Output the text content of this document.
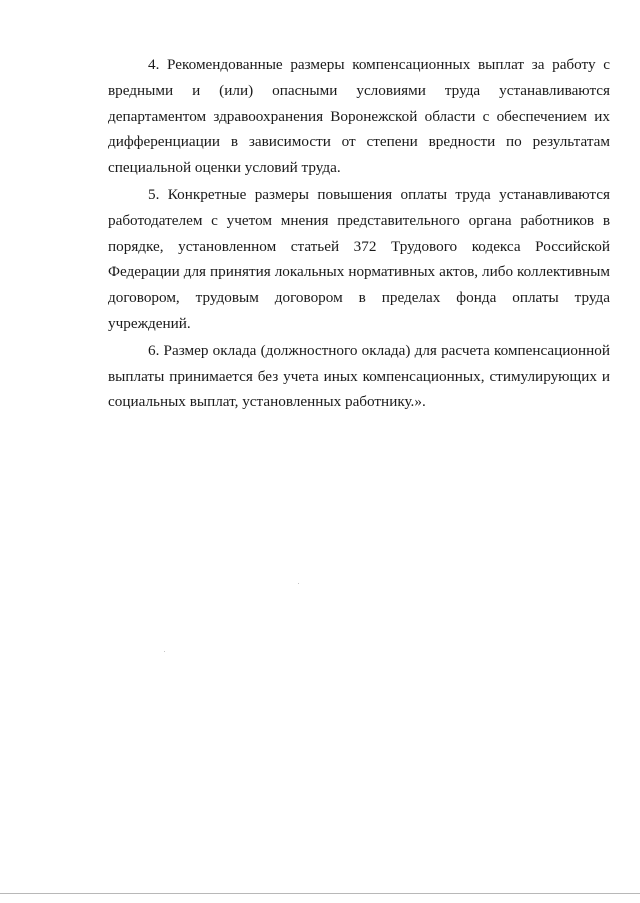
4. Рекомендованные размеры компенсационных выплат за работу с вредными и (или) опасными условиями труда устанавливаются департаментом здравоохранения Воронежской области с обеспечением их дифференциации в зависимости от степени вредности по результатам специальной оценки условий труда.

5. Конкретные размеры повышения оплаты труда устанавливаются работодателем с учетом мнения представительного органа работников в порядке, установленном статьей 372 Трудового кодекса Российской Федерации для принятия локальных нормативных актов, либо коллективным договором, трудовым договором в пределах фонда оплаты труда учреждений.

6. Размер оклада (должностного оклада) для расчета компенсационной выплаты принимается без учета иных компенсационных, стимулирующих и социальных выплат, установленных работнику.».
